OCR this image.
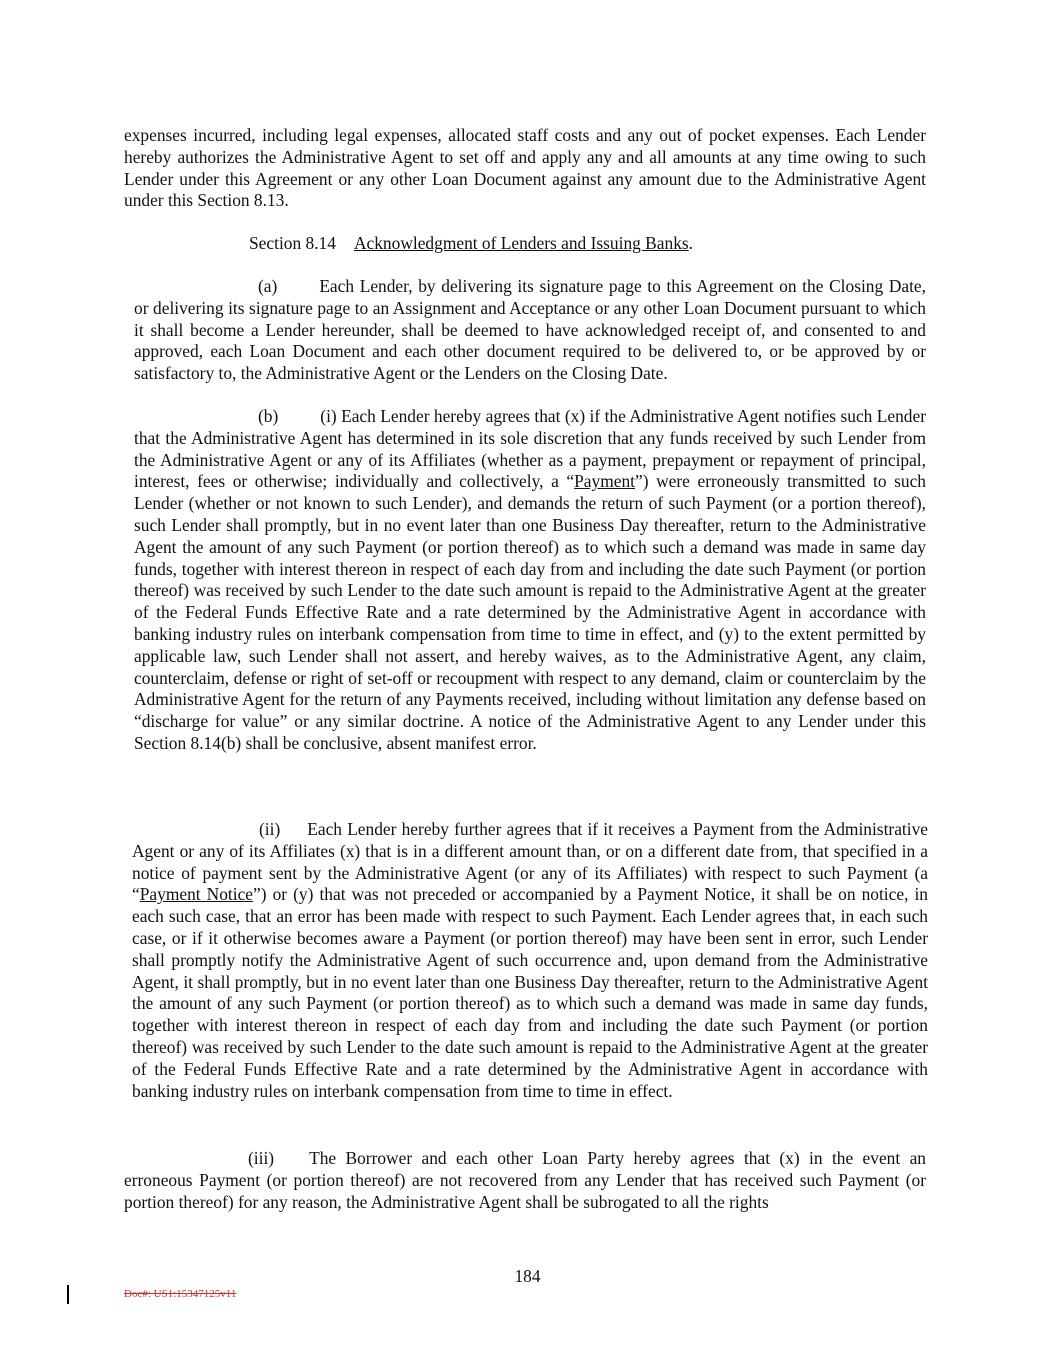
expenses incurred, including legal expenses, allocated staff costs and any out of pocket expenses. Each Lender hereby authorizes the Administrative Agent to set off and apply any and all amounts at any time owing to such Lender under this Agreement or any other Loan Document against any amount due to the Administrative Agent under this Section 8.13.

Section 8.14 Acknowledgment of Lenders and Issuing Banks.

(a) Each Lender, by delivering its signature page to this Agreement on the Closing Date, or delivering its signature page to an Assignment and Acceptance or any other Loan Document pursuant to which it shall become a Lender hereunder, shall be deemed to have acknowledged receipt of, and consented to and approved, each Loan Document and each other document required to be delivered to, or be approved by or satisfactory to, the Administrative Agent or the Lenders on the Closing Date.

(b) (i) Each Lender hereby agrees that (x) if the Administrative Agent notifies such Lender that the Administrative Agent has determined in its sole discretion that any funds received by such Lender from the Administrative Agent or any of its Affiliates (whether as a payment, prepayment or repayment of principal, interest, fees or otherwise; individually and collectively, a “Payment”) were erroneously transmitted to such Lender (whether or not known to such Lender), and demands the return of such Payment (or a portion thereof), such Lender shall promptly, but in no event later than one Business Day thereafter, return to the Administrative Agent the amount of any such Payment (or portion thereof) as to which such a demand was made in same day funds, together with interest thereon in respect of each day from and including the date such Payment (or portion thereof) was received by such Lender to the date such amount is repaid to the Administrative Agent at the greater of the Federal Funds Effective Rate and a rate determined by the Administrative Agent in accordance with banking industry rules on interbank compensation from time to time in effect, and (y) to the extent permitted by applicable law, such Lender shall not assert, and hereby waives, as to the Administrative Agent, any claim, counterclaim, defense or right of set-off or recoupment with respect to any demand, claim or counterclaim by the Administrative Agent for the return of any Payments received, including without limitation any defense based on “discharge for value” or any similar doctrine. A notice of the Administrative Agent to any Lender under this Section 8.14(b) shall be conclusive, absent manifest error.

(ii) Each Lender hereby further agrees that if it receives a Payment from the Administrative Agent or any of its Affiliates (x) that is in a different amount than, or on a different date from, that specified in a notice of payment sent by the Administrative Agent (or any of its Affiliates) with respect to such Payment (a “Payment Notice”) or (y) that was not preceded or accompanied by a Payment Notice, it shall be on notice, in each such case, that an error has been made with respect to such Payment. Each Lender agrees that, in each such case, or if it otherwise becomes aware a Payment (or portion thereof) may have been sent in error, such Lender shall promptly notify the Administrative Agent of such occurrence and, upon demand from the Administrative Agent, it shall promptly, but in no event later than one Business Day thereafter, return to the Administrative Agent the amount of any such Payment (or portion thereof) as to which such a demand was made in same day funds, together with interest thereon in respect of each day from and including the date such Payment (or portion thereof) was received by such Lender to the date such amount is repaid to the Administrative Agent at the greater of the Federal Funds Effective Rate and a rate determined by the Administrative Agent in accordance with banking industry rules on interbank compensation from time to time in effect.

(iii) The Borrower and each other Loan Party hereby agrees that (x) in the event an erroneous Payment (or portion thereof) are not recovered from any Lender that has received such Payment (or portion thereof) for any reason, the Administrative Agent shall be subrogated to all the rights

184
Doc#: US1:15347125v11
